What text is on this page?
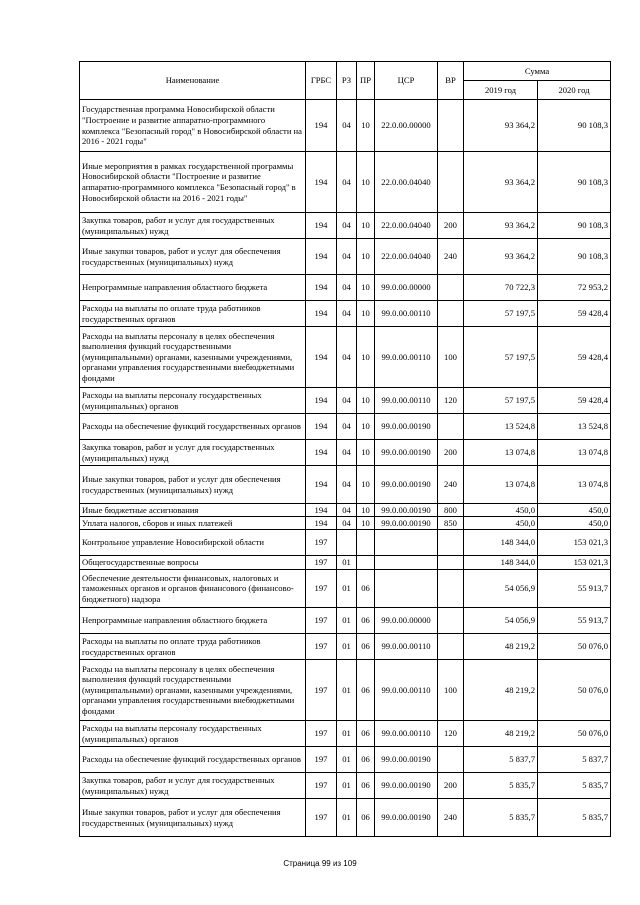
Наименование	ГРБС	РЗ	ПР	ЦСР	ВР	Сумма	
						2019 год	2020 год
Государственная программа Новосибирской области "Построение и развитие аппаратно-программного комплекса "Безопасный город" в Новосибирской области на 2016 - 2021 годы"	194	04	10	22.0.00.00000		93 364,2	90 108,3
Иные мероприятия в рамках государственной программы Новосибирской области "Построение и развитие аппаратно-программного комплекса "Безопасный город" в Новосибирской области на 2016 - 2021 годы"	194	04	10	22.0.00.04040		93 364,2	90 108,3
Закупка товаров, работ и услуг для государственных (муниципальных) нужд	194	04	10	22.0.00.04040	200	93 364,2	90 108,3
Иные закупки товаров, работ и услуг для обеспечения государственных (муниципальных) нужд	194	04	10	22.0.00.04040	240	93 364,2	90 108,3
Непрограммные направления областного бюджета	194	04	10	99.0.00.00000		70 722,3	72 953,2
Расходы на выплаты по оплате труда работников государственных органов	194	04	10	99.0.00.00110		57 197,5	59 428,4
Расходы на выплаты персоналу в целях обеспечения выполнения функций государственными (муниципальными) органами, казенными учреждениями, органами управления государственными внебюджетными фондами	194	04	10	99.0.00.00110	100	57 197,5	59 428,4
Расходы на выплаты персоналу государственных (муниципальных) органов	194	04	10	99.0.00.00110	120	57 197,5	59 428,4
Расходы на обеспечение функций государственных органов	194	04	10	99.0.00.00190		13 524,8	13 524,8
Закупка товаров, работ и услуг для государственных (муниципальных) нужд	194	04	10	99.0.00.00190	200	13 074,8	13 074,8
Иные закупки товаров, работ и услуг для обеспечения государственных (муниципальных) нужд	194	04	10	99.0.00.00190	240	13 074,8	13 074,8
Иные бюджетные ассигнования	194	04	10	99.0.00.00190	800	450,0	450,0
Уплата налогов, сборов и иных платежей	194	04	10	99.0.00.00190	850	450,0	450,0
Контрольное управление Новосибирской области	197					148 344,0	153 021,3
Общегосударственные вопросы	197	01				148 344,0	153 021,3
Обеспечение деятельности финансовых, налоговых и таможенных органов и органов финансового (финансово-бюджетного) надзора	197	01	06			54 056,9	55 913,7
Непрограммные направления областного бюджета	197	01	06	99.0.00.00000		54 056,9	55 913,7
Расходы на выплаты по оплате труда работников государственных органов	197	01	06	99.0.00.00110		48 219,2	50 076,0
Расходы на выплаты персоналу в целях обеспечения выполнения функций государственными (муниципальными) органами, казенными учреждениями, органами управления государственными внебюджетными фондами	197	01	06	99.0.00.00110	100	48 219,2	50 076,0
Расходы на выплаты персоналу государственных (муниципальных) органов	197	01	06	99.0.00.00110	120	48 219,2	50 076,0
Расходы на обеспечение функций государственных органов	197	01	06	99.0.00.00190		5 837,7	5 837,7
Закупка товаров, работ и услуг для государственных (муниципальных) нужд	197	01	06	99.0.00.00190	200	5 835,7	5 835,7
Иные закупки товаров, работ и услуг для обеспечения государственных (муниципальных) нужд	197	01	06	99.0.00.00190	240	5 835,7	5 835,7
Страница 99 из 109
